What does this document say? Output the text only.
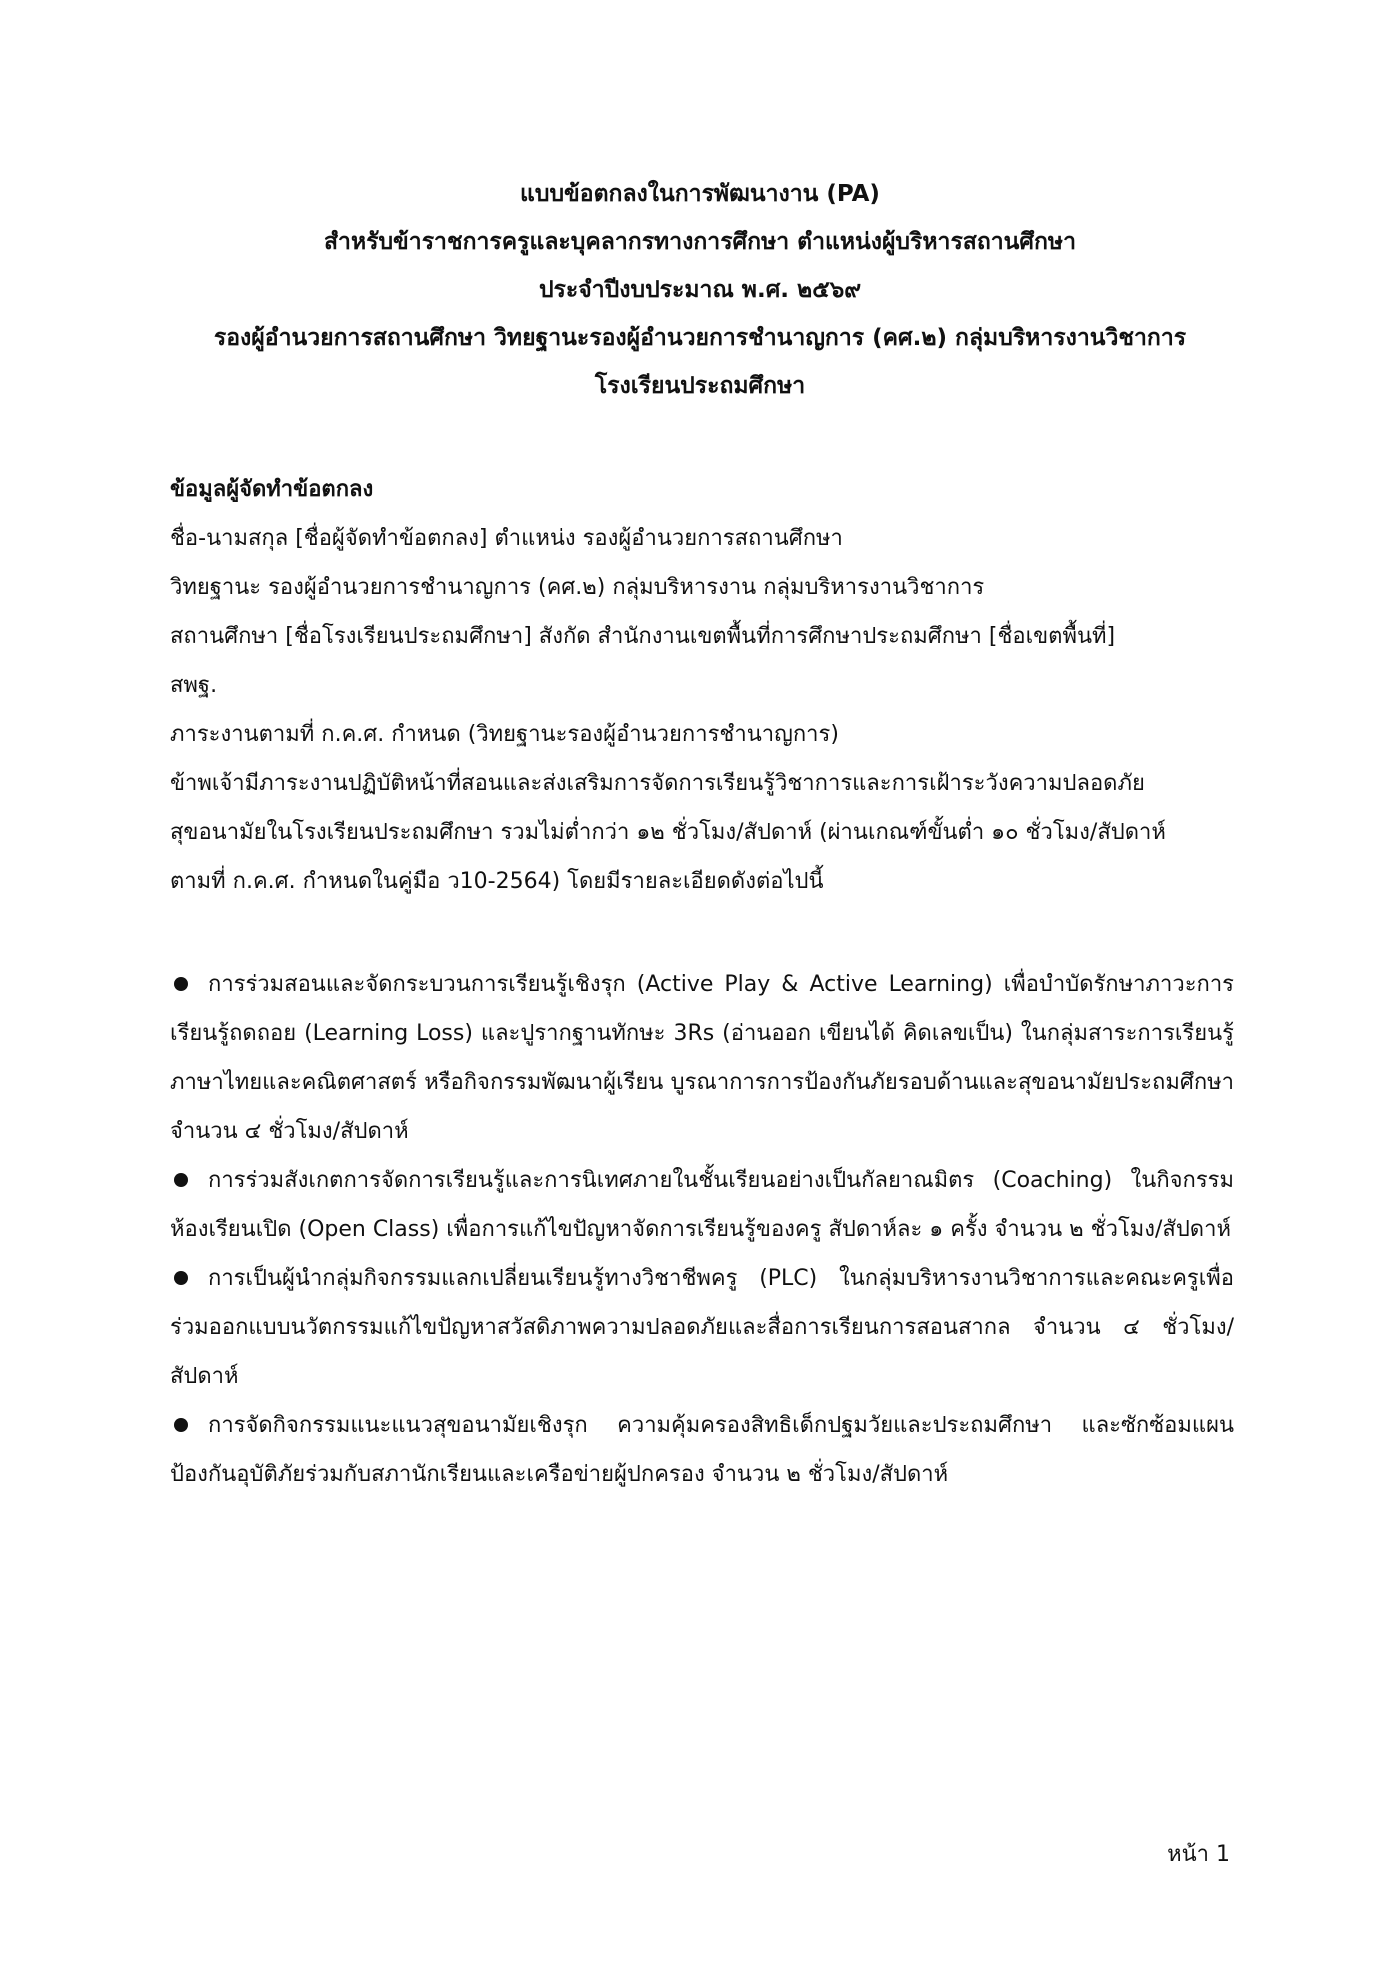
แบบข้อตกลงในการพัฒนางาน (PA)
สำหรับข้าราชการครูและบุคลากรทางการศึกษา ตำแหน่งผู้บริหารสถานศึกษา
ประจำปีงบประมาณ พ.ศ. ๒๕๖๙
รองผู้อำนวยการสถานศึกษา วิทยฐานะรองผู้อำนวยการชำนาญการ (คศ.๒) กลุ่มบริหารงานวิชาการ
โรงเรียนประถมศึกษา
ข้อมูลผู้จัดทำข้อตกลง
ชื่อ-นามสกุล [ชื่อผู้จัดทำข้อตกลง] ตำแหน่ง รองผู้อำนวยการสถานศึกษา
วิทยฐานะ รองผู้อำนวยการชำนาญการ (คศ.๒) กลุ่มบริหารงาน กลุ่มบริหารงานวิชาการ
สถานศึกษา [ชื่อโรงเรียนประถมศึกษา] สังกัด สำนักงานเขตพื้นที่การศึกษาประถมศึกษา [ชื่อเขตพื้นที่]
สพฐ.
ภาระงานตามที่ ก.ค.ศ. กำหนด (วิทยฐานะรองผู้อำนวยการชำนาญการ)
ข้าพเจ้ามีภาระงานปฏิบัติหน้าที่สอนและส่งเสริมการจัดการเรียนรู้วิชาการและการเฝ้าระวังความปลอดภัย
สุขอนามัยในโรงเรียนประถมศึกษา รวมไม่ต่ำกว่า ๑๒ ชั่วโมง/สัปดาห์ (ผ่านเกณฑ์ขั้นต่ำ ๑๐ ชั่วโมง/สัปดาห์
ตามที่ ก.ค.ศ. กำหนดในคู่มือ ว10-2564) โดยมีรายละเอียดดังต่อไปนี้
การร่วมสอนและจัดกระบวนการเรียนรู้เชิงรุก (Active Play & Active Learning) เพื่อบำบัดรักษาภาวะการเรียนรู้ถดถอย (Learning Loss) และปูรากฐานทักษะ 3Rs (อ่านออก เขียนได้ คิดเลขเป็น) ในกลุ่มสาระการเรียนรู้ภาษาไทยและคณิตศาสตร์ หรือกิจกรรมพัฒนาผู้เรียน บูรณาการการป้องกันภัยรอบด้านและสุขอนามัยประถมศึกษา จำนวน ๔ ชั่วโมง/สัปดาห์
การร่วมสังเกตการจัดการเรียนรู้และการนิเทศภายในชั้นเรียนอย่างเป็นกัลยาณมิตร (Coaching) ในกิจกรรมห้องเรียนเปิด (Open Class) เพื่อการแก้ไขปัญหาจัดการเรียนรู้ของครู สัปดาห์ละ ๑ ครั้ง จำนวน ๒ ชั่วโมง/สัปดาห์
การเป็นผู้นำกลุ่มกิจกรรมแลกเปลี่ยนเรียนรู้ทางวิชาชีพครู (PLC) ในกลุ่มบริหารงานวิชาการและคณะครูเพื่อร่วมออกแบบนวัตกรรมแก้ไขปัญหาสวัสดิภาพความปลอดภัยและสื่อการเรียนการสอนสากล จำนวน ๔ ชั่วโมง/สัปดาห์
การจัดกิจกรรมแนะแนวสุขอนามัยเชิงรุก ความคุ้มครองสิทธิเด็กปฐมวัยและประถมศึกษา และซักซ้อมแผนป้องกันอุบัติภัยร่วมกับสภานักเรียนและเครือข่ายผู้ปกครอง จำนวน ๒ ชั่วโมง/สัปดาห์
หน้า 1
